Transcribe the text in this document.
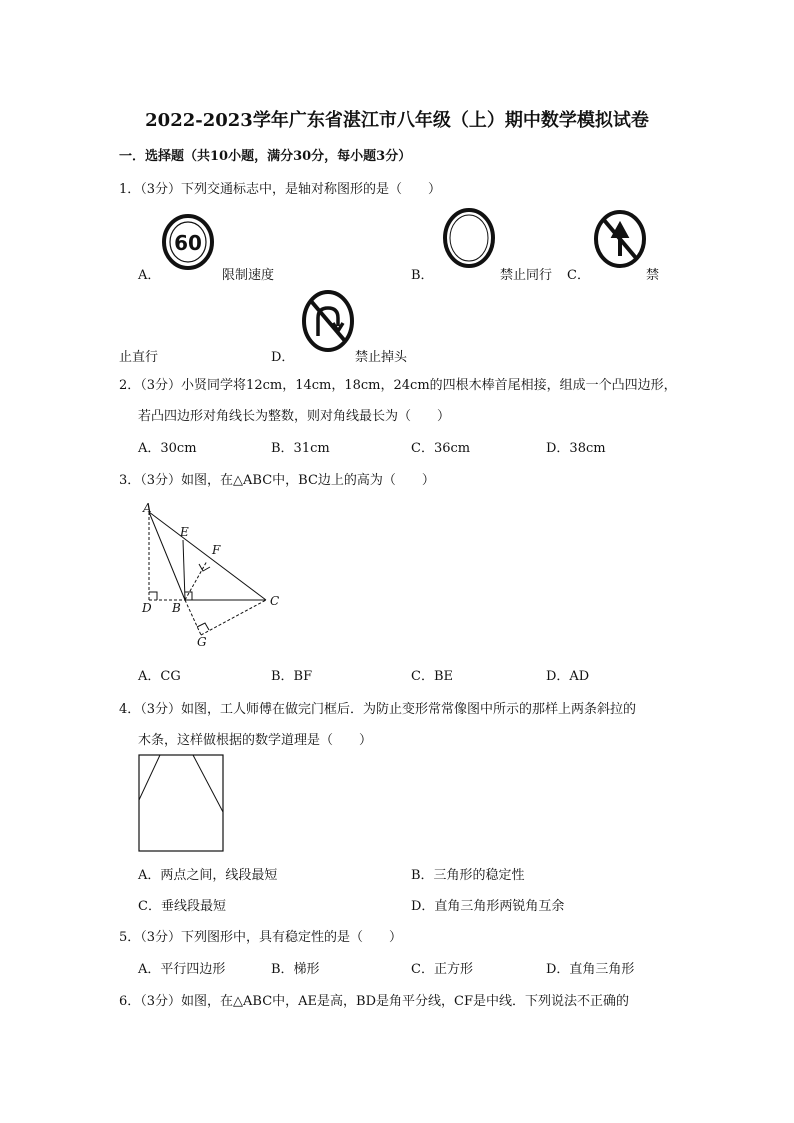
2022-2023学年广东省湛江市八年级（上）期中数学模拟试卷
一．选择题（共10小题，满分30分，每小题3分）
1．（3分）下列交通标志中，是轴对称图形的是（　　）
A．
60
限制速度	B．	禁止同行 C．	禁
止直行	D．	禁止掉头
2．（3分）小贤同学将12cm，14cm，18cm，24cm的四根木棒首尾相接，组成一个凸四边形，
若凸四边形对角线长为整数，则对角线最长为（　　）
A．30cm	B．31cm	C．36cm	D．38cm
3．（3分）如图，在△ABC中，BC边上的高为（　　）
A
E
F
D B	C
G
A．CG	B．BF	C．BE	D．AD
4．（3分）如图，工人师傅在做完门框后．为防止变形常常像图中所示的那样上两条斜拉的
木条，这样做根据的数学道理是（　　）
A．两点之间，线段最短	B．三角形的稳定性
C．垂线段最短	D．直角三角形两锐角互余
5．（3分）下列图形中，具有稳定性的是（　　）
A．平行四边形	B．梯形	C．正方形	D．直角三角形
6．（3分）如图，在△ABC中，AE是高，BD是角平分线，CF是中线．下列说法不正确的
